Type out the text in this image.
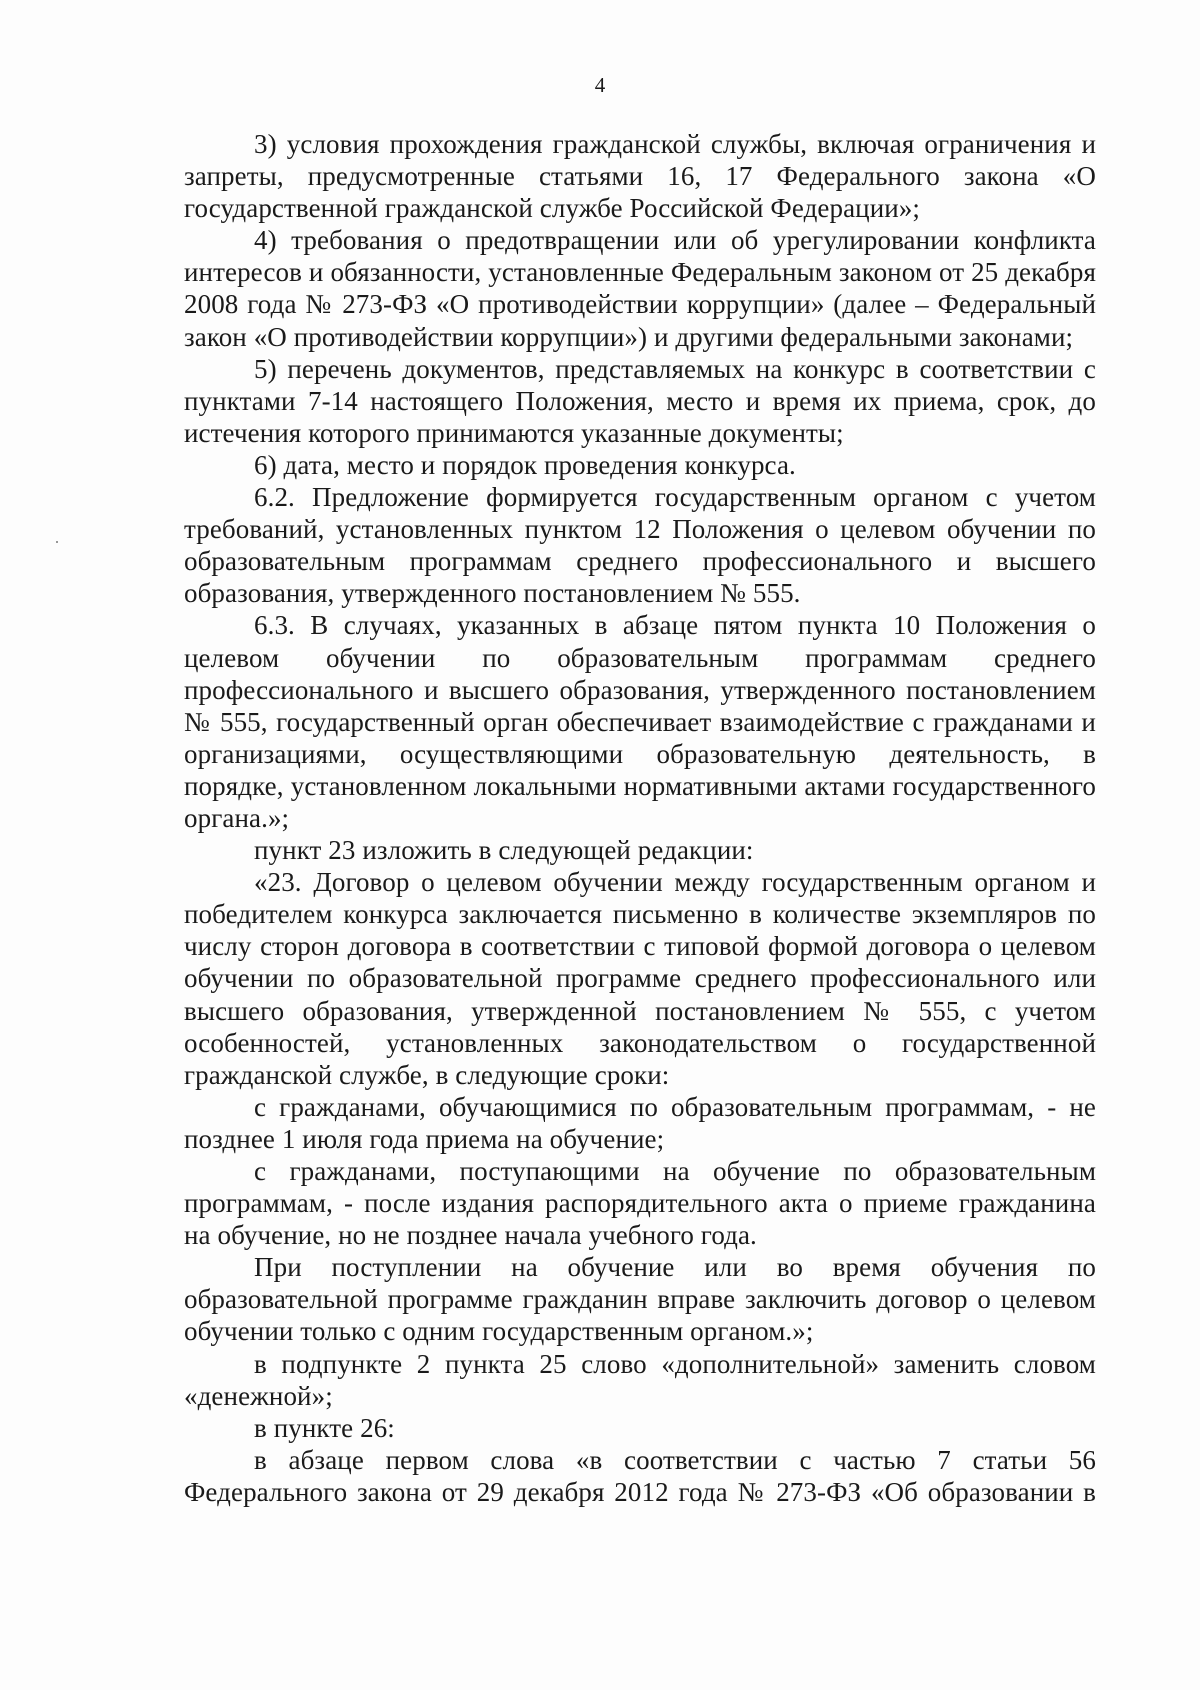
4

3) условия прохождения гражданской службы, включая ограничения и запреты, предусмотренные статьями 16, 17 Федерального закона «О государственной гражданской службе Российской Федерации»;

4) требования о предотвращении или об урегулировании конфликта интересов и обязанности, установленные Федеральным законом от 25 декабря 2008 года № 273-ФЗ «О противодействии коррупции» (далее – Федеральный закон «О противодействии коррупции») и другими федеральными законами;

5) перечень документов, представляемых на конкурс в соответствии с пунктами 7-14 настоящего Положения, место и время их приема, срок, до истечения которого принимаются указанные документы;

6) дата, место и порядок проведения конкурса.

6.2. Предложение формируется государственным органом с учетом требований, установленных пунктом 12 Положения о целевом обучении по образовательным программам среднего профессионального и высшего образования, утвержденного постановлением № 555.

6.3. В случаях, указанных в абзаце пятом пункта 10 Положения о целевом обучении по образовательным программам среднего профессионального и высшего образования, утвержденного постановлением № 555, государственный орган обеспечивает взаимодействие с гражданами и организациями, осуществляющими образовательную деятельность, в порядке, установленном локальными нормативными актами государственного органа.»;

пункт 23 изложить в следующей редакции:

«23. Договор о целевом обучении между государственным органом и победителем конкурса заключается письменно в количестве экземпляров по числу сторон договора в соответствии с типовой формой договора о целевом обучении по образовательной программе среднего профессионального или высшего образования, утвержденной постановлением № 555, с учетом особенностей, установленных законодательством о государственной гражданской службе, в следующие сроки:

с гражданами, обучающимися по образовательным программам, - не позднее 1 июля года приема на обучение;

с гражданами, поступающими на обучение по образовательным программам, - после издания распорядительного акта о приеме гражданина на обучение, но не позднее начала учебного года.

При поступлении на обучение или во время обучения по образовательной программе гражданин вправе заключить договор о целевом обучении только с одним государственным органом.»;

в подпункте 2 пункта 25 слово «дополнительной» заменить словом «денежной»;

в пункте 26:

в абзаце первом слова «в соответствии с частью 7 статьи 56 Федерального закона от 29 декабря 2012 года № 273-ФЗ «Об образовании в
